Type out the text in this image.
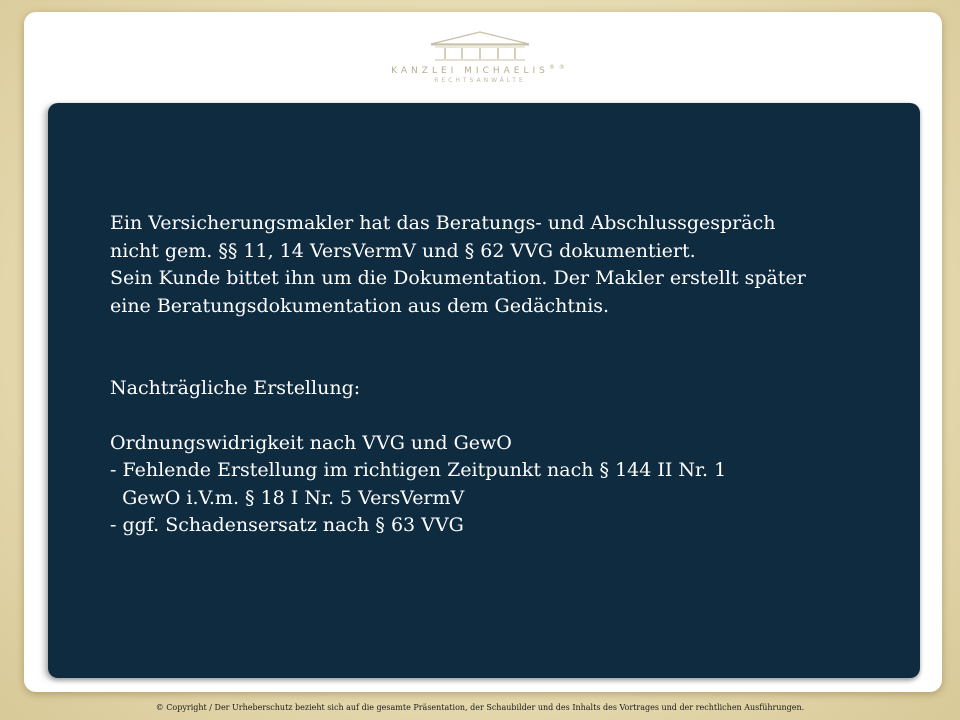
KANZLEI MICHAELIS®®
RECHTSANWÄLTE

Ein Versicherungsmakler hat das Beratungs- und Abschlussgespräch

nicht gem. §§ 11, 14 VersVermV und § 62 VVG dokumentiert.

Sein Kunde bittet ihn um die Dokumentation. Der Makler erstellt später

eine Beratungsdokumentation aus dem Gedächtnis.

Nachträgliche Erstellung:

Ordnungswidrigkeit nach VVG und GewO

- Fehlende Erstellung im richtigen Zeitpunkt nach § 144 II Nr. 1

GewO i.V.m. § 18 I Nr. 5 VersVermV

- ggf. Schadensersatz nach § 63 VVG

© Copyright / Der Urheberschutz bezieht sich auf die gesamte Präsentation, der Schaubilder und des Inhalts des Vortrages und der rechtlichen Ausführungen.
